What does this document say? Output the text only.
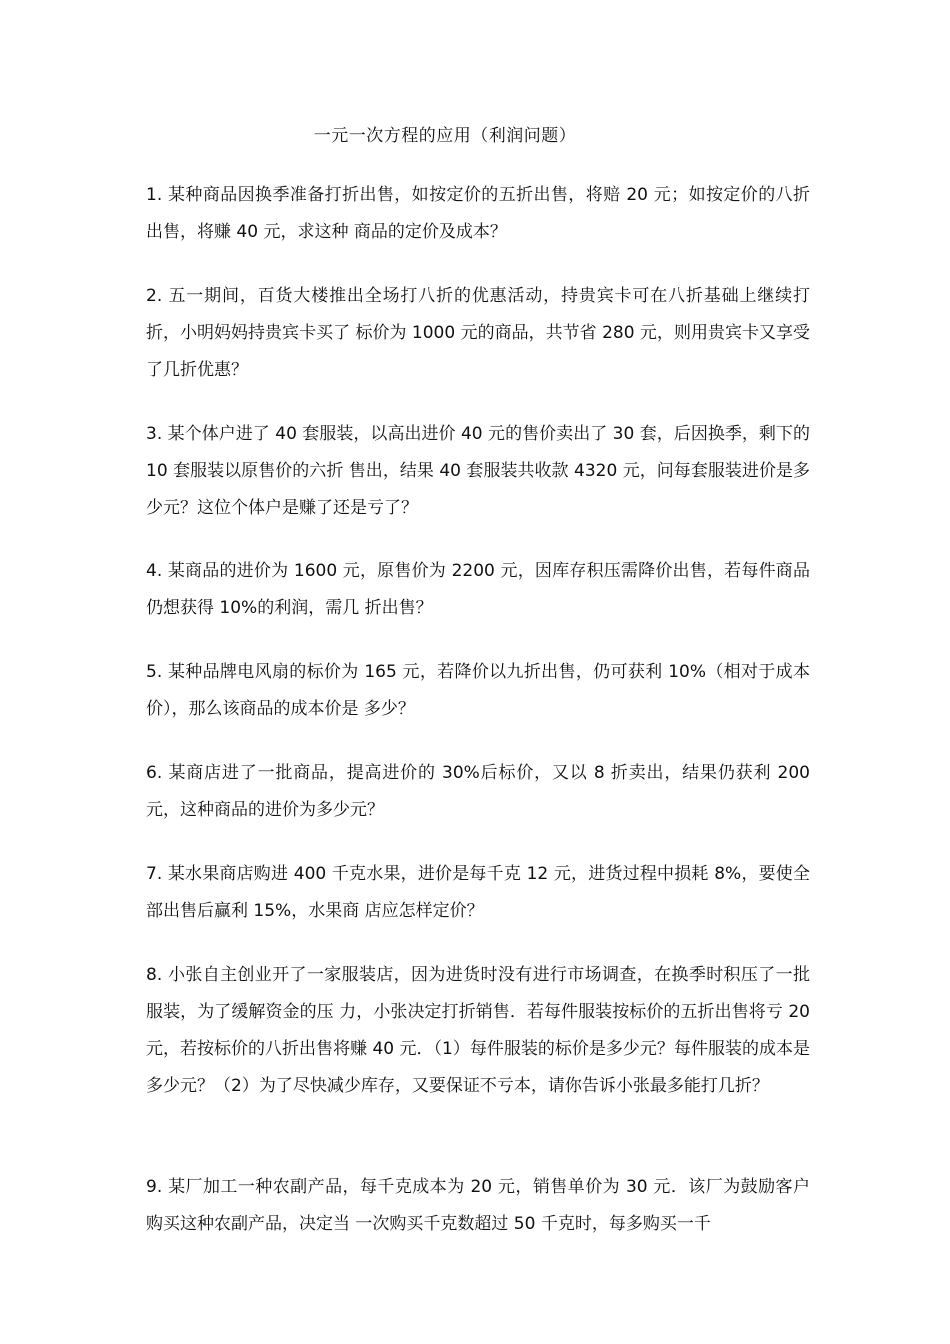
一元一次方程的应用（利润问题）
1. 某种商品因换季准备打折出售，如按定价的五折出售，将赔 20 元；如按定价的八折出售，将赚 40 元，求这种 商品的定价及成本？
2. 五一期间，百货大楼推出全场打八折的优惠活动，持贵宾卡可在八折基础上继续打折，小明妈妈持贵宾卡买了 标价为 1000 元的商品，共节省 280 元，则用贵宾卡又享受了几折优惠？
3. 某个体户进了 40 套服装，以高出进价 40 元的售价卖出了 30 套，后因换季，剩下的 10 套服装以原售价的六折 售出，结果 40 套服装共收款 4320 元，问每套服装进价是多少元？这位个体户是赚了还是亏了？
4. 某商品的进价为 1600 元，原售价为 2200 元，因库存积压需降价出售，若每件商品仍想获得 10%的利润，需几 折出售？
5. 某种品牌电风扇的标价为 165 元，若降价以九折出售，仍可获利 10%（相对于成本价），那么该商品的成本价是 多少？
6. 某商店进了一批商品，提高进价的 30%后标价，又以 8 折卖出，结果仍获利 200 元，这种商品的进价为多少元？
7. 某水果商店购进 400 千克水果，进价是每千克 12 元，进货过程中损耗 8%，要使全部出售后赢利 15%，水果商 店应怎样定价？
8. 小张自主创业开了一家服装店，因为进货时没有进行市场调查，在换季时积压了一批服装，为了缓解资金的压 力，小张决定打折销售．若每件服装按标价的五折出售将亏 20 元，若按标价的八折出售将赚 40 元．（1）每件服装的标价是多少元？每件服装的成本是多少元？（2）为了尽快减少库存，又要保证不亏本，请你告诉小张最多能打几折？
9. 某厂加工一种农副产品，每千克成本为 20 元，销售单价为 30 元．该厂为鼓励客户购买这种农副产品，决定当 一次购买千克数超过 50 千克时，每多购买一千
